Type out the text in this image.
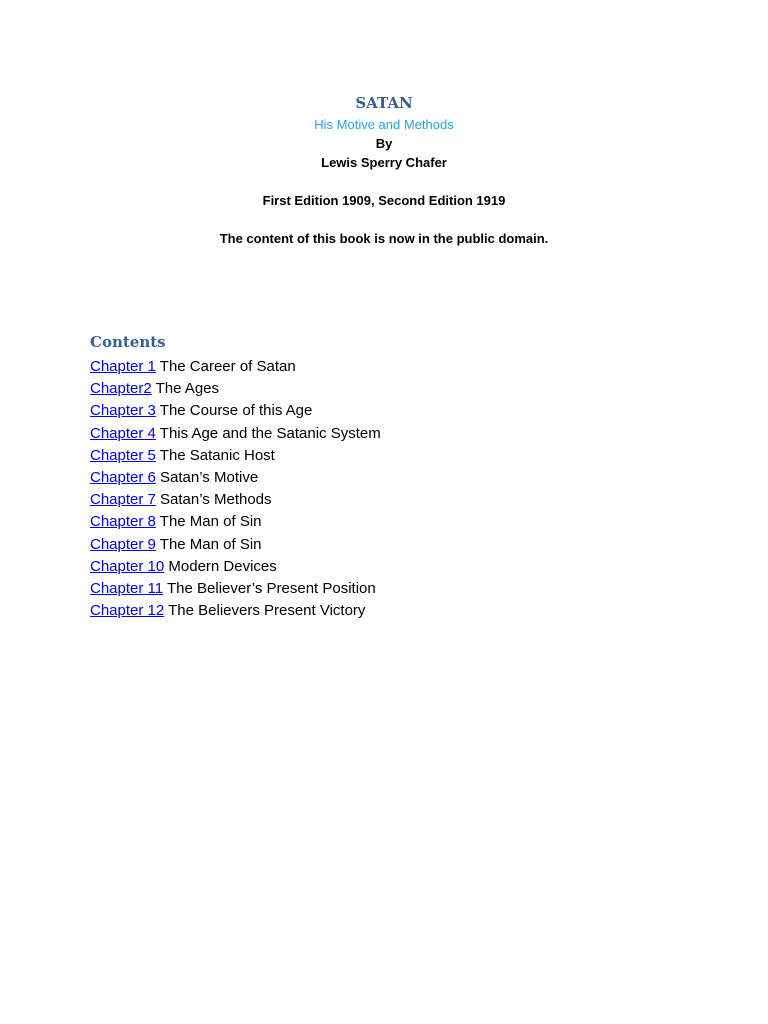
SATAN

His Motive and Methods

By

Lewis Sperry Chafer

First Edition 1909, Second Edition 1919

The content of this book is now in the public domain.

Contents

Chapter 1 The Career of Satan
Chapter2 The Ages
Chapter 3 The Course of this Age
Chapter 4 This Age and the Satanic System
Chapter 5 The Satanic Host
Chapter 6 Satan’s Motive
Chapter 7 Satan’s Methods
Chapter 8 The Man of Sin
Chapter 9 The Man of Sin
Chapter 10 Modern Devices
Chapter 11 The Believer’s Present Position
Chapter 12 The Believers Present Victory
